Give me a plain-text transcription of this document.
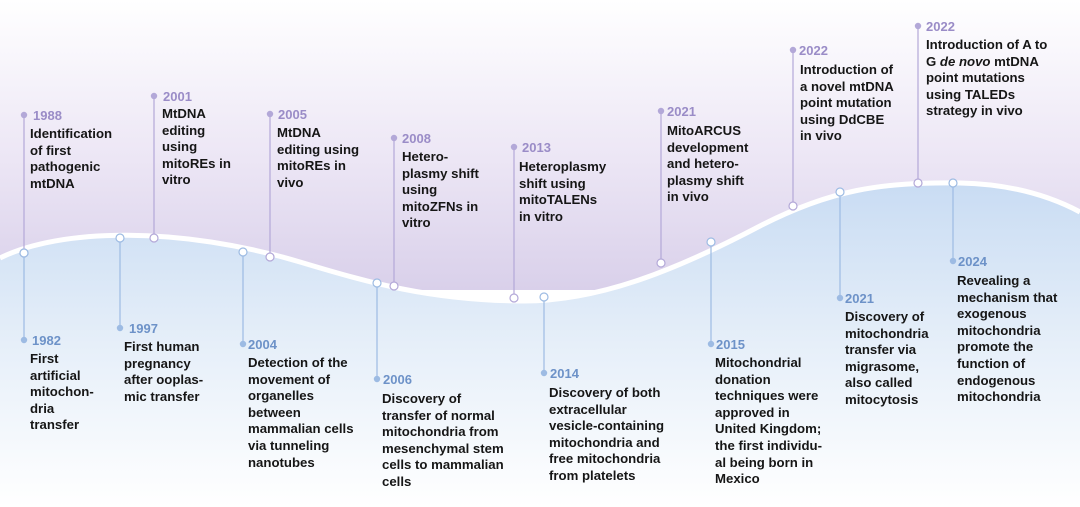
1988
Identification
of first
pathogenic
mtDNA
2001
MtDNA
editing
using
mitoREs in
vitro
2005
MtDNA
editing using
mitoREs in
vivo
2008
Hetero-
plasmy shift
using
mitoZFNs in
vitro
2013
Heteroplasmy
shift using
mitoTALENs
in vitro
2021
MitoARCUS
development
and hetero-
plasmy shift
in vivo
2022
Introduction of
a novel mtDNA
point mutation
using DdCBE
in vivo
2022
Introduction of A to
G de novo mtDNA
point mutations
using TALEDs
strategy in vivo
1982
First
artificial
mitochon-
dria
transfer
1997
First human
pregnancy
after ooplas-
mic transfer
2004
Detection of the
movement of
organelles
between
mammalian cells
via tunneling
nanotubes
2006
Discovery of
transfer of normal
mitochondria from
mesenchymal stem
cells to mammalian
cells
2014
Discovery of both
extracellular
vesicle-containing
mitochondria and
free mitochondria
from platelets
2015
Mitochondrial
donation
techniques were
approved in
United Kingdom;
the first individu-
al being born in
Mexico
2021
Discovery of
mitochondria
transfer via
migrasome,
also called
mitocytosis
2024
Revealing a
mechanism that
exogenous
mitochondria
promote the
function of
endogenous
mitochondria
